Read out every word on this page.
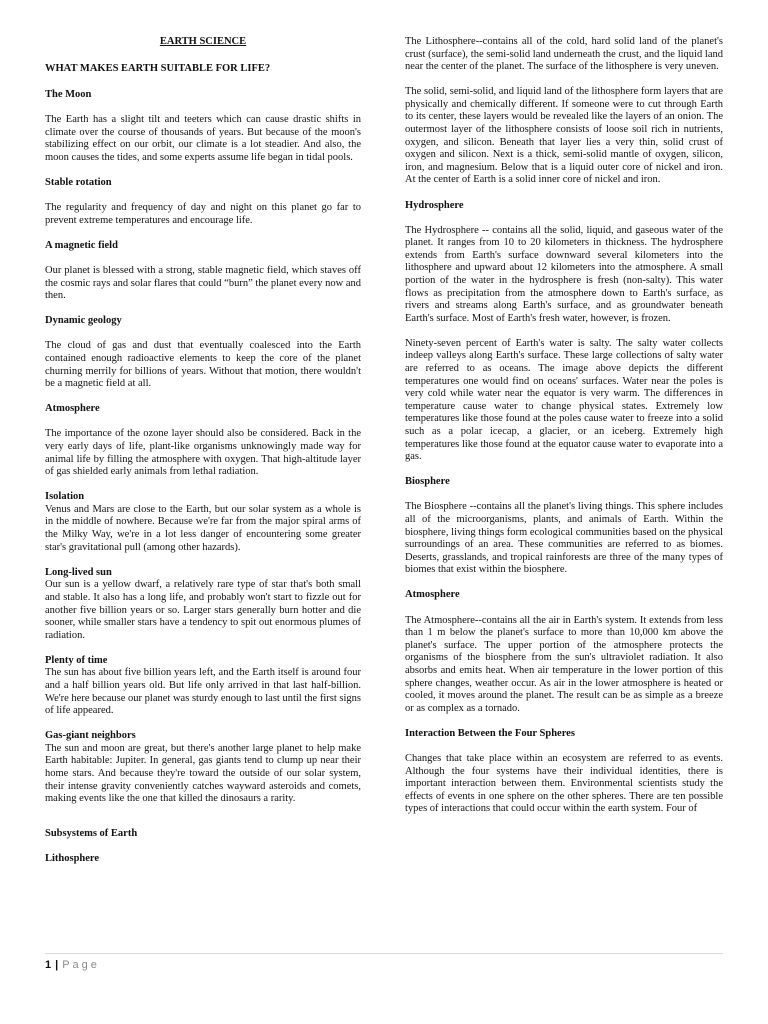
EARTH SCIENCE

WHAT MAKES EARTH SUITABLE FOR LIFE?

The Moon

The Earth has a slight tilt and teeters which can cause drastic shifts in climate over the course of thousands of years. But because of the moon's stabilizing effect on our orbit, our climate is a lot steadier. And also, the moon causes the tides, and some experts assume life began in tidal pools.

Stable rotation

The regularity and frequency of day and night on this planet go far to prevent extreme temperatures and encourage life.

A magnetic field

Our planet is blessed with a strong, stable magnetic field, which staves off the cosmic rays and solar flares that could “burn” the planet every now and then.

Dynamic geology

The cloud of gas and dust that eventually coalesced into the Earth contained enough radioactive elements to keep the core of the planet churning merrily for billions of years. Without that motion, there wouldn't be a magnetic field at all.

Atmosphere

The importance of the ozone layer should also be considered. Back in the very early days of life, plant-like organisms unknowingly made way for animal life by filling the atmosphere with oxygen. That high-altitude layer of gas shielded early animals from lethal radiation.

Isolation

Venus and Mars are close to the Earth, but our solar system as a whole is in the middle of nowhere. Because we're far from the major spiral arms of the Milky Way, we're in a lot less danger of encountering some greater star's gravitational pull (among other hazards).

Long-lived sun

Our sun is a yellow dwarf, a relatively rare type of star that's both small and stable. It also has a long life, and probably won't start to fizzle out for another five billion years or so. Larger stars generally burn hotter and die sooner, while smaller stars have a tendency to spit out enormous plumes of radiation.

Plenty of time

The sun has about five billion years left, and the Earth itself is around four and a half billion years old. But life only arrived in that last half-billion. We're here because our planet was sturdy enough to last until the first signs of life appeared.

Gas-giant neighbors

The sun and moon are great, but there's another large planet to help make Earth habitable: Jupiter. In general, gas giants tend to clump up near their home stars. And because they're toward the outside of our solar system, their intense gravity conveniently catches wayward asteroids and comets, making events like the one that killed the dinosaurs a rarity.

Subsystems of Earth
Lithosphere

The Lithosphere--contains all of the cold, hard solid land of the planet's crust (surface), the semi-solid land underneath the crust, and the liquid land near the center of the planet. The surface of the lithosphere is very uneven.

The solid, semi-solid, and liquid land of the lithosphere form layers that are physically and chemically different. If someone were to cut through Earth to its center, these layers would be revealed like the layers of an onion. The outermost layer of the lithosphere consists of loose soil rich in nutrients, oxygen, and silicon. Beneath that layer lies a very thin, solid crust of oxygen and silicon. Next is a thick, semi-solid mantle of oxygen, silicon, iron, and magnesium. Below that is a liquid outer core of nickel and iron. At the center of Earth is a solid inner core of nickel and iron.

Hydrosphere

The Hydrosphere -- contains all the solid, liquid, and gaseous water of the planet. It ranges from 10 to 20 kilometers in thickness. The hydrosphere extends from Earth's surface downward several kilometers into the lithosphere and upward about 12 kilometers into the atmosphere. A small portion of the water in the hydrosphere is fresh (non-salty). This water flows as precipitation from the atmosphere down to Earth's surface, as rivers and streams along Earth's surface, and as groundwater beneath Earth's surface. Most of Earth's fresh water, however, is frozen.

Ninety-seven percent of Earth's water is salty. The salty water collects indeep valleys along Earth's surface. These large collections of salty water are referred to as oceans. The image above depicts the different temperatures one would find on oceans' surfaces. Water near the poles is very cold while water near the equator is very warm. The differences in temperature cause water to change physical states. Extremely low temperatures like those found at the poles cause water to freeze into a solid such as a polar icecap, a glacier, or an iceberg. Extremely high temperatures like those found at the equator cause water to evaporate into a gas.

Biosphere

The Biosphere --contains all the planet's living things. This sphere includes all of the microorganisms, plants, and animals of Earth. Within the biosphere, living things form ecological communities based on the physical surroundings of an area. These communities are referred to as biomes. Deserts, grasslands, and tropical rainforests are three of the many types of biomes that exist within the biosphere.

Atmosphere

The Atmosphere--contains all the air in Earth's system. It extends from less than 1 m below the planet's surface to more than 10,000 km above the planet's surface. The upper portion of the atmosphere protects the organisms of the biosphere from the sun's ultraviolet radiation. It also absorbs and emits heat. When air temperature in the lower portion of this sphere changes, weather occur. As air in the lower atmosphere is heated or cooled, it moves around the planet. The result can be as simple as a breeze or as complex as a tornado.

Interaction Between the Four Spheres

Changes that take place within an ecosystem are referred to as events. Although the four systems have their individual identities, there is important interaction between them. Environmental scientists study the effects of events in one sphere on the other spheres. There are ten possible types of interactions that could occur within the earth system. Four of

1 | Page
